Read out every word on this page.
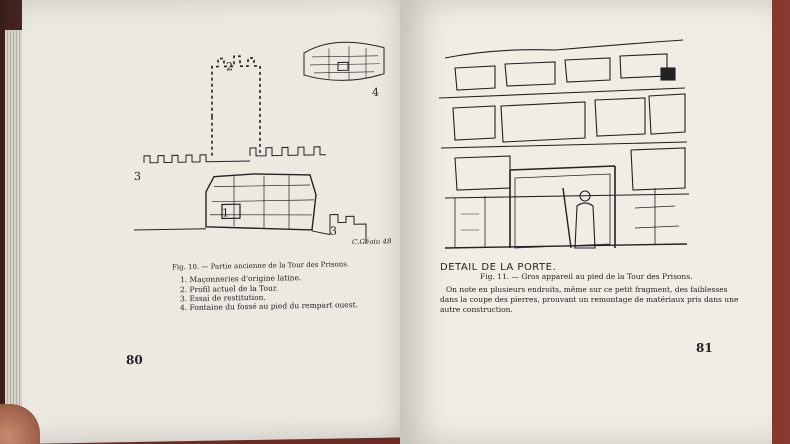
2
3
1
3
4
C.Gégiu 48
Fig. 10. — Partie ancienne de la Tour des Prisons.
1. Maçonneries d'origine latine.
2. Profil actuel de la Tour.
3. Essai de restitution.
4. Fontaine du fossé au pied du rempart ouest.
80
DETAIL DE LA PORTE.
Fig. 11. — Gros appareil au pied de la Tour des Prisons.
On note en plusieurs endroits, même sur ce petit fragment, des faiblesses
dans la coupe des pierres, prouvant un remontage de matériaux pris dans une
autre construction.
81
